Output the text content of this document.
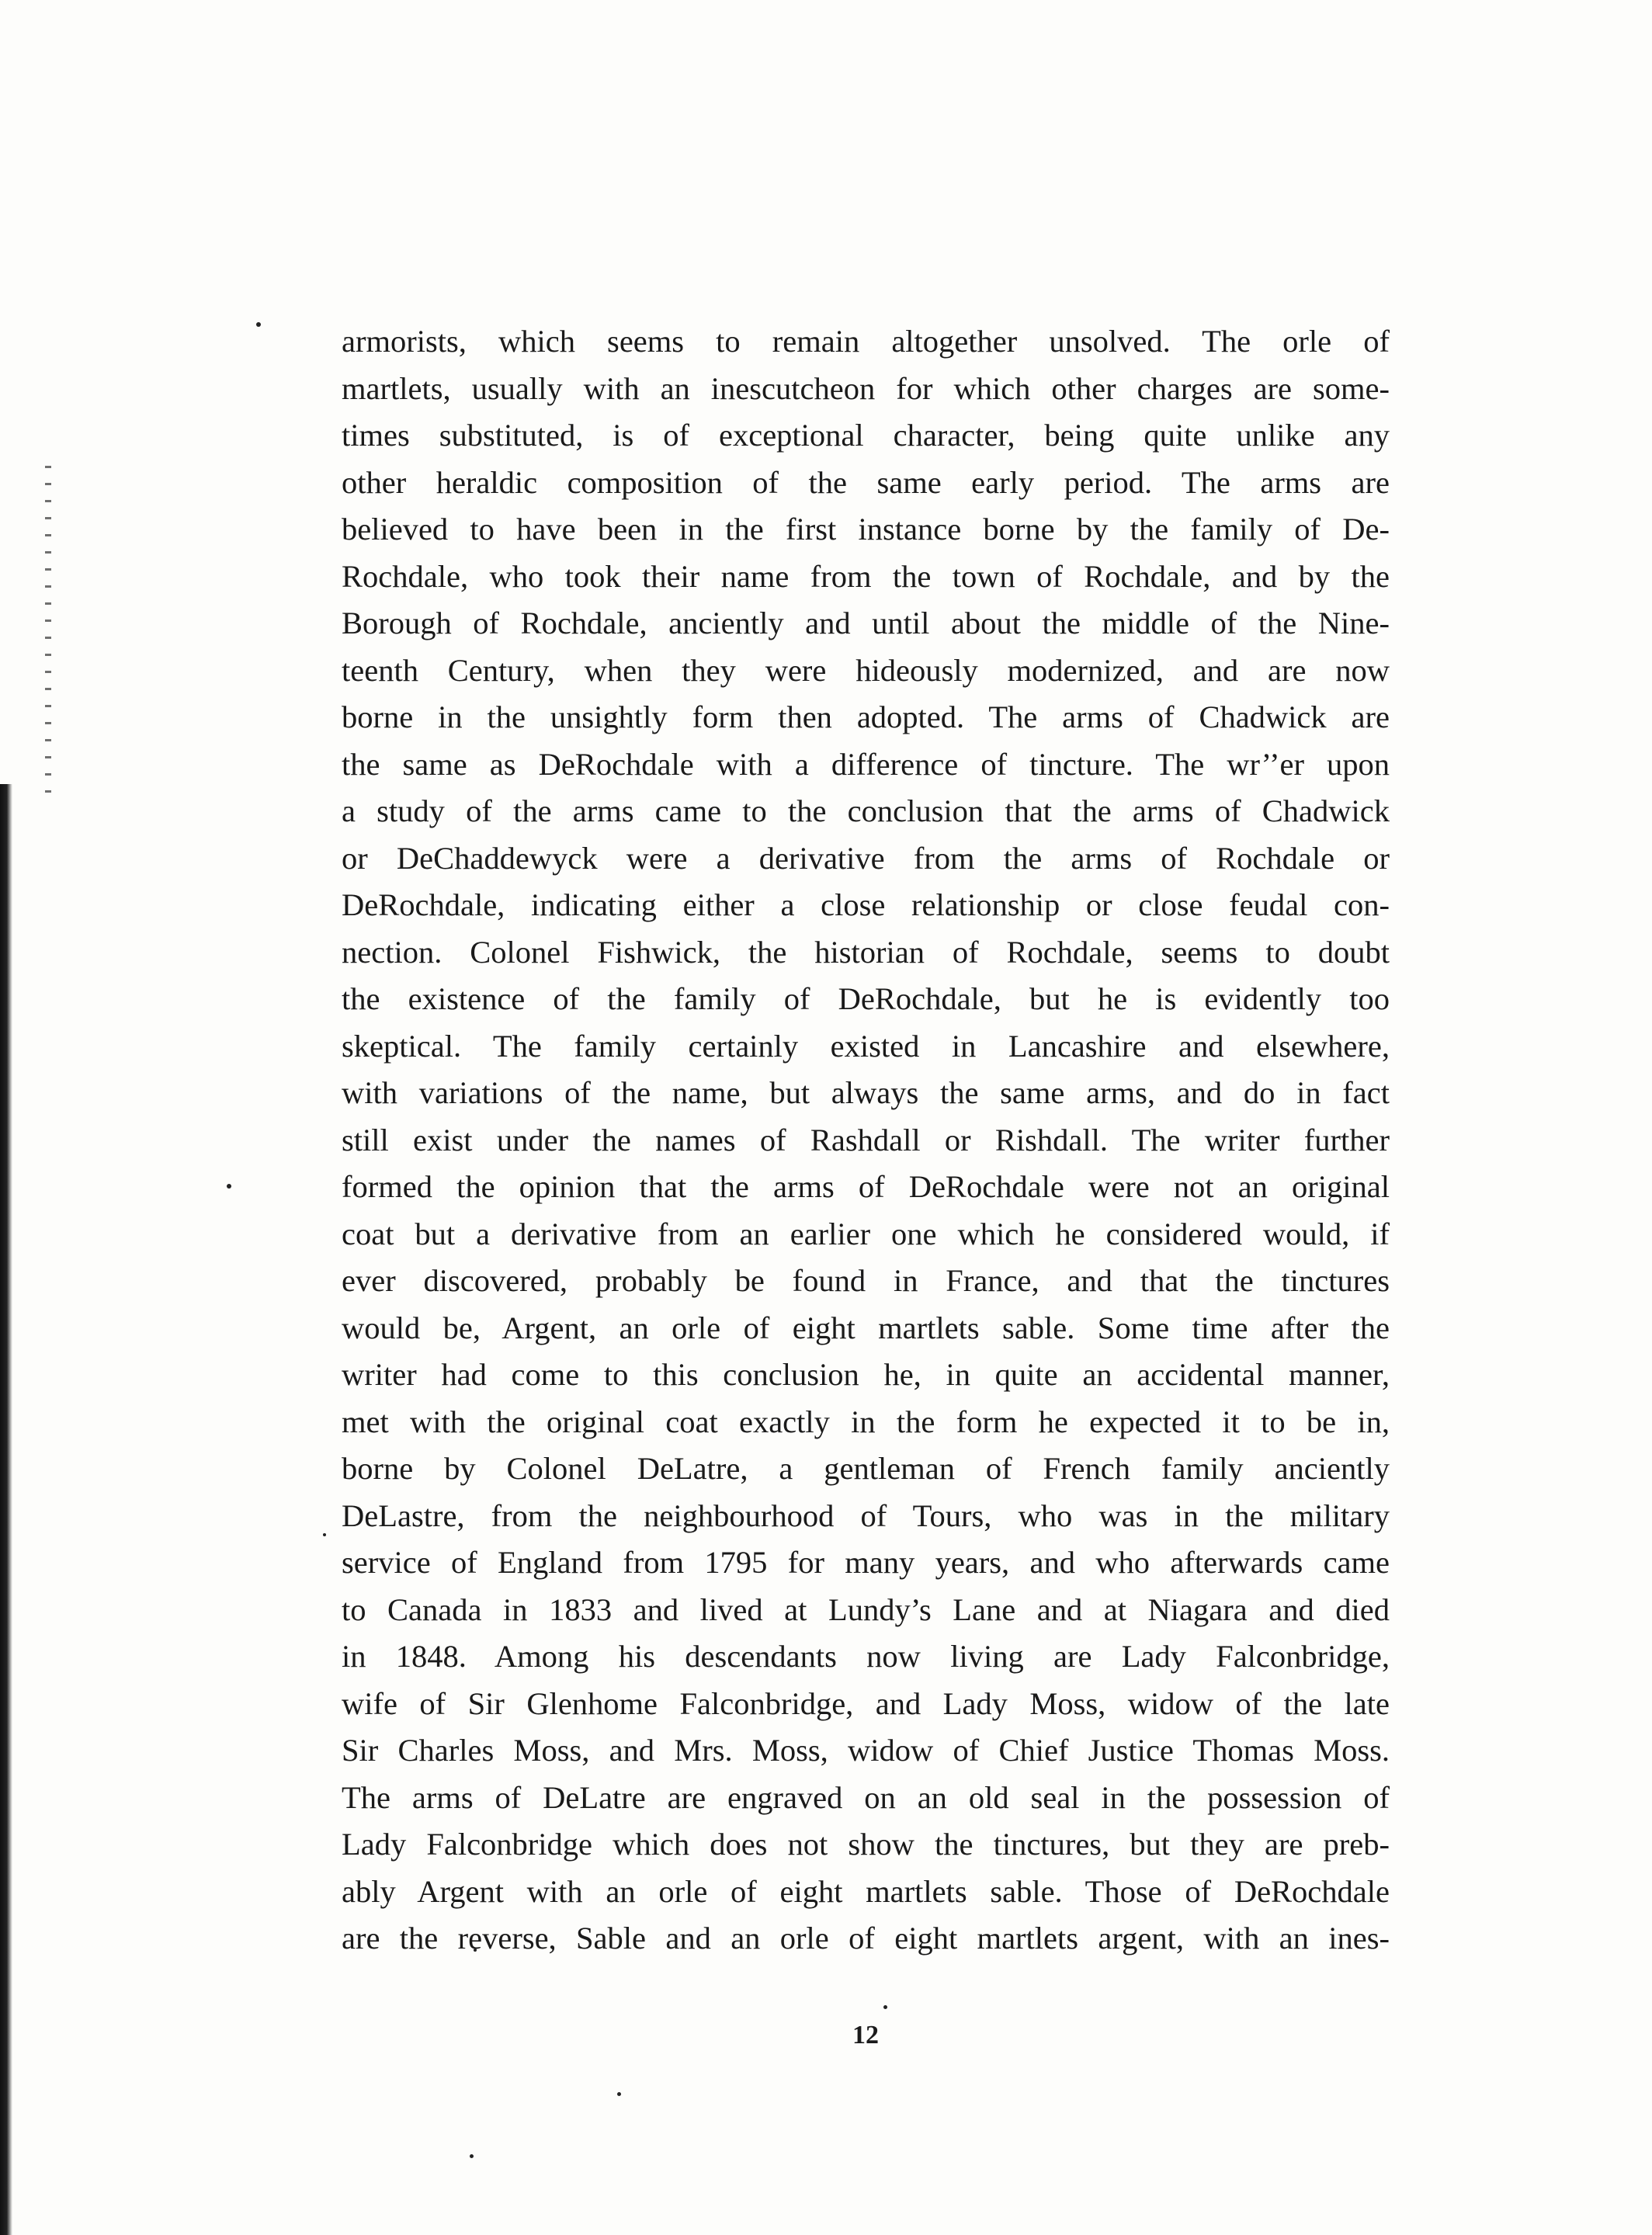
armorists, which seems to remain altogether unsolved. The orle of
martlets, usually with an inescutcheon for which other charges are some-
times substituted, is of exceptional character, being quite unlike any
other heraldic composition of the same early period. The arms are
believed to have been in the first instance borne by the family of De-
Rochdale, who took their name from the town of Rochdale, and by the
Borough of Rochdale, anciently and until about the middle of the Nine-
teenth Century, when they were hideously modernized, and are now
borne in the unsightly form then adopted. The arms of Chadwick are
the same as DeRochdale with a difference of tincture. The wr’’er upon
a study of the arms came to the conclusion that the arms of Chadwick
or DeChaddewyck were a derivative from the arms of Rochdale or
DeRochdale, indicating either a close relationship or close feudal con-
nection. Colonel Fishwick, the historian of Rochdale, seems to doubt
the existence of the family of DeRochdale, but he is evidently too
skeptical. The family certainly existed in Lancashire and elsewhere,
with variations of the name, but always the same arms, and do in fact
still exist under the names of Rashdall or Rishdall. The writer further
formed the opinion that the arms of DeRochdale were not an original
coat but a derivative from an earlier one which he considered would, if
ever discovered, probably be found in France, and that the tinctures
would be, Argent, an orle of eight martlets sable. Some time after the
writer had come to this conclusion he, in quite an accidental manner,
met with the original coat exactly in the form he expected it to be in,
borne by Colonel DeLatre, a gentleman of French family anciently
DeLastre, from the neighbourhood of Tours, who was in the military
service of England from 1795 for many years, and who afterwards came
to Canada in 1833 and lived at Lundy’s Lane and at Niagara and died
in 1848. Among his descendants now living are Lady Falconbridge,
wife of Sir Glenhome Falconbridge, and Lady Moss, widow of the late
Sir Charles Moss, and Mrs. Moss, widow of Chief Justice Thomas Moss.
The arms of DeLatre are engraved on an old seal in the possession of
Lady Falconbridge which does not show the tinctures, but they are preb-
ably Argent with an orle of eight martlets sable. Those of DeRochdale
are the reverse, Sable and an orle of eight martlets argent, with an ines-
12
